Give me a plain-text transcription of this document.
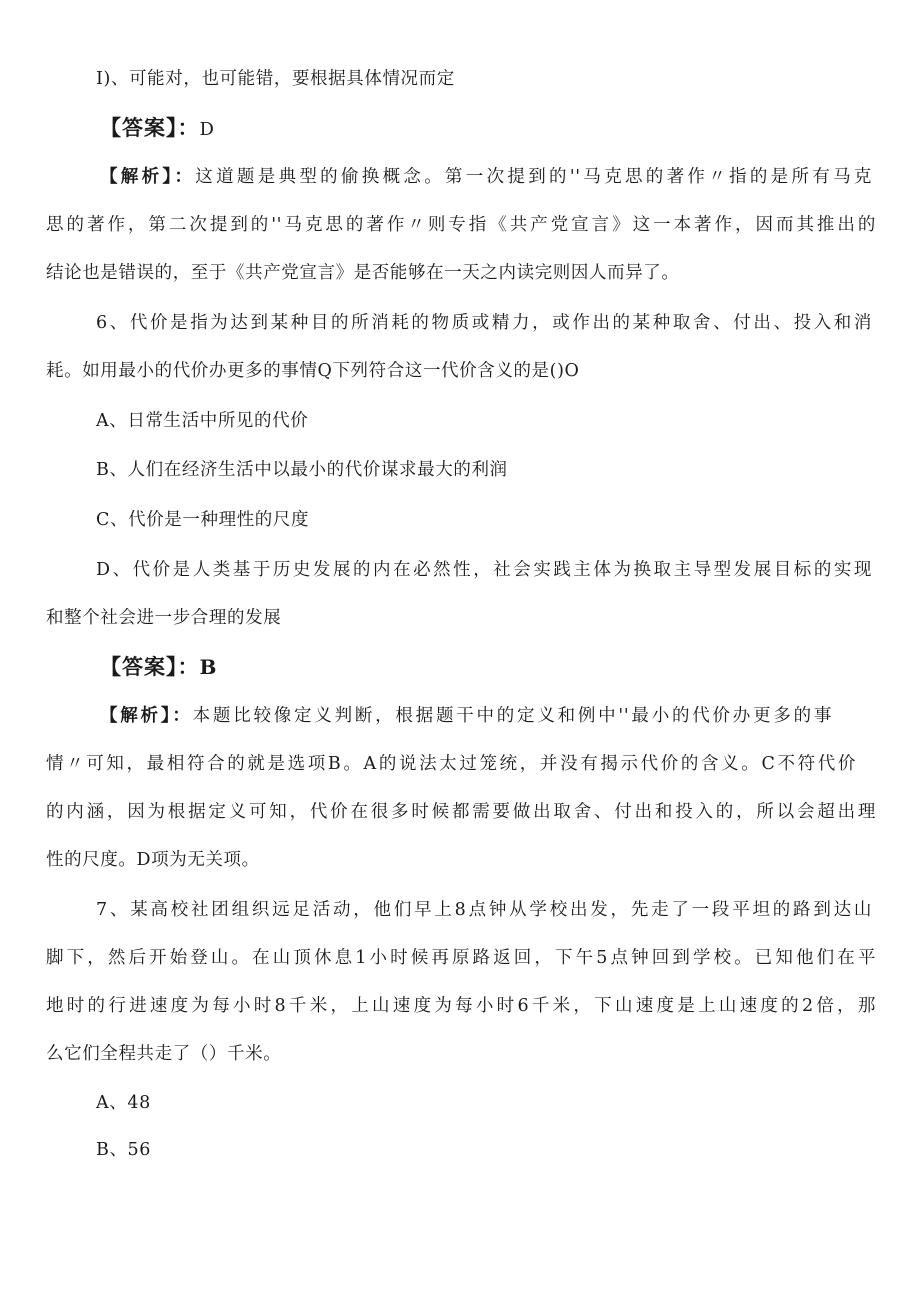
I)、可能对，也可能错，要根据具体情况而定
【答案】：D
【解析】：这道题是典型的偷换概念。第一次提到的''马克思的著作〃指的是所有马克
思的著作，第二次提到的''马克思的著作〃则专指《共产党宣言》这一本著作，因而其推出的
结论也是错误的，至于《共产党宣言》是否能够在一天之内读完则因人而异了。
6、代价是指为达到某种目的所消耗的物质或精力，或作出的某种取舍、付出、投入和消
耗。如用最小的代价办更多的事情Q下列符合这一代价含义的是()O
A、日常生活中所见的代价
B、人们在经济生活中以最小的代价谋求最大的利润
C、代价是一种理性的尺度
D、代价是人类基于历史发展的内在必然性，社会实践主体为换取主导型发展目标的实现
和整个社会进一步合理的发展
【答案】：B
【解析】：本题比较像定义判断，根据题干中的定义和例中''最小的代价办更多的事
情〃可知，最相符合的就是选项B。A的说法太过笼统，并没有揭示代价的含义。C不符代价
的内涵，因为根据定义可知，代价在很多时候都需要做出取舍、付出和投入的，所以会超出理
性的尺度。D项为无关项。
7、某高校社团组织远足活动，他们早上8点钟从学校出发，先走了一段平坦的路到达山
脚下，然后开始登山。在山顶休息1小时候再原路返回，下午5点钟回到学校。已知他们在平
地时的行进速度为每小时8千米，上山速度为每小时6千米，下山速度是上山速度的2倍，那
么它们全程共走了（）千米。
A、48
B、56
